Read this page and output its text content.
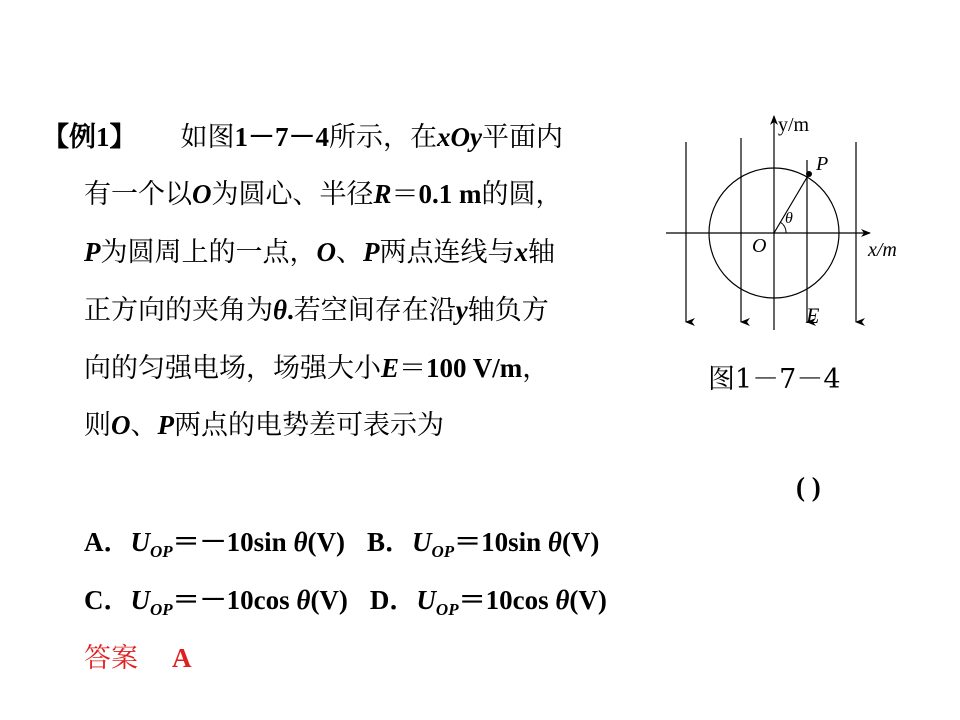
【例1】 如图1－7－4所示，在xOy平面内
有一个以O为圆心、半径R＝0.1 m的圆，
P为圆周上的一点，O、P两点连线与x轴
正方向的夹角为θ.若空间存在沿y轴负方
向的匀强电场，场强大小E＝100 V/m，
则O、P两点的电势差可表示为
( )
A．$U_{OP}=-10\sin$ θ(V) B．$U_{OP}=10\sin$ θ(V)
C．$U_{OP}=-10\cos$ θ(V) D．$U_{OP}=10\cos$ θ(V)
答案 A
y/m
x/m
O
P
θ
E
图1－7－4
